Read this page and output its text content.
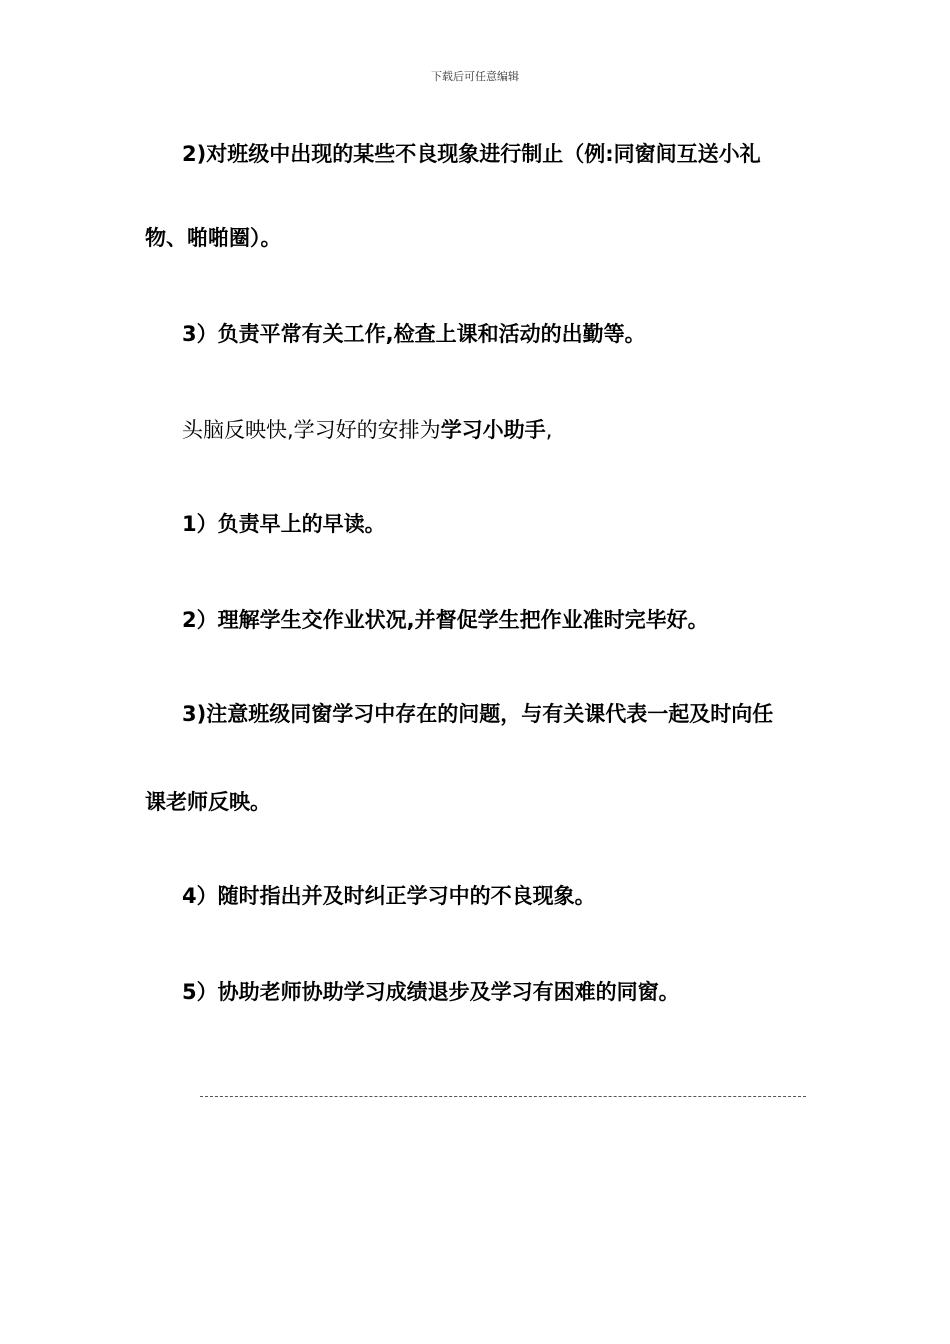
下载后可任意编辑
2)对班级中出现的某些不良现象进行制止（例:同窗间互送小礼
物、啪啪圈）。
3）负责平常有关工作,检查上课和活动的出勤等。
头脑反映快,学习好的安排为学习小助手,
1）负责早上的早读。
2）理解学生交作业状况,并督促学生把作业准时完毕好。
3)注意班级同窗学习中存在的问题，与有关课代表一起及时向任
课老师反映。
4）随时指出并及时纠正学习中的不良现象。
5）协助老师协助学习成绩退步及学习有困难的同窗。
